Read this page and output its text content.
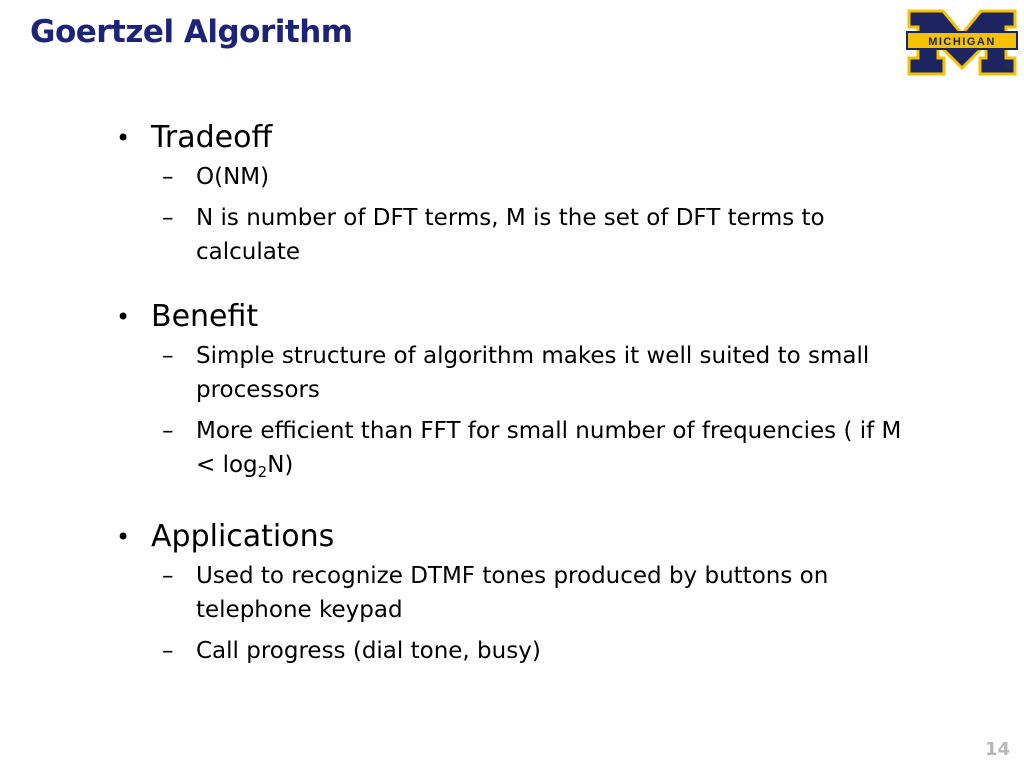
Goertzel Algorithm	MICHIGAN
®
• Tradeoff
– O(NM)
– N is number of DFT terms, M is the set of DFT terms to calculate
• Benefit
– Simple structure of algorithm makes it well suited to small processors
– More efficient than FFT for small number of frequencies ( if $M < \log_2N$)
• Applications
– Used to recognize DTMF tones produced by buttons on telephone keypad
– Call progress (dial tone, busy)
14
